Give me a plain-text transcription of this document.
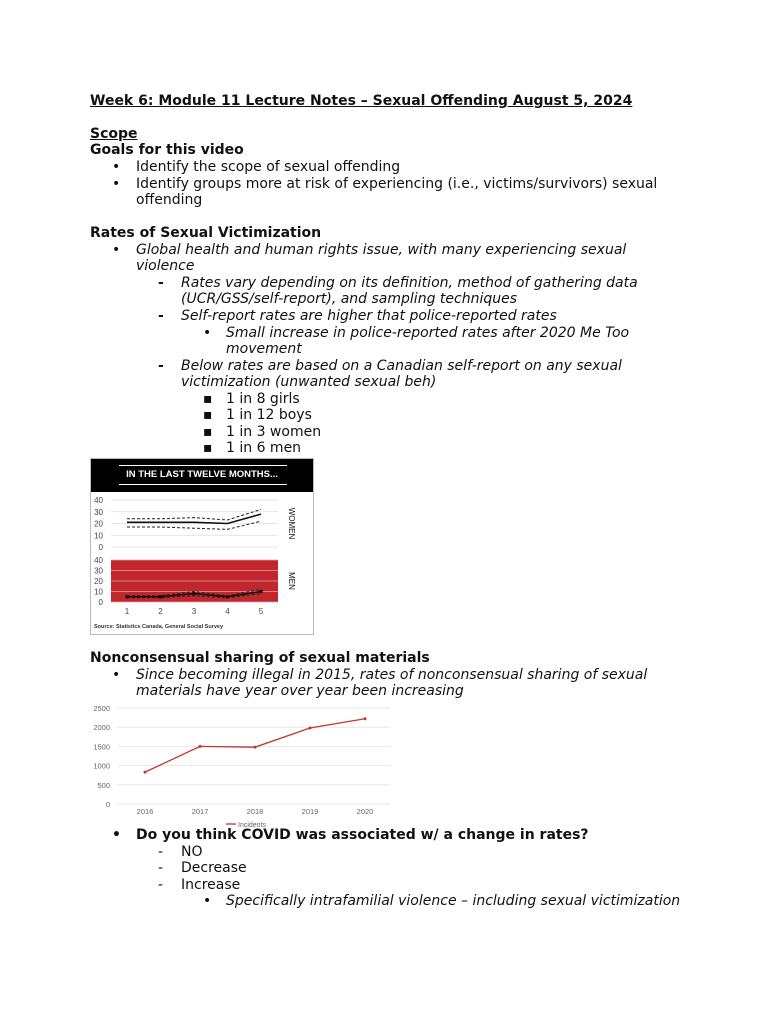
Week 6: Module 11 Lecture Notes – Sexual Offending August 5, 2024
Scope
Goals for this video
• Identify the scope of sexual offending
• Identify groups more at risk of experiencing (i.e., victims/survivors) sexual
offending
Rates of Sexual Victimization
• Global health and human rights issue, with many experiencing sexual
violence
- Rates vary depending on its definition, method of gathering data
(UCR/GSS/self-report), and sampling techniques
- Self-report rates are higher that police-reported rates
• Small increase in police-reported rates after 2020 Me Too
movement
- Below rates are based on a Canadian self-report on any sexual
victimization (unwanted sexual beh)
▪ 1 in 8 girls
▪ 1 in 12 boys
▪ 1 in 3 women
▪ 1 in 6 men
IN THE LAST TWELVE MONTHS...
40
30
20
10
0
WOMEN
40
30
20
10
0
MEN
1	2	3	4	5
Source: Statistics Canada, General Social Survey
Nonconsensual sharing of sexual materials
• Since becoming illegal in 2015, rates of nonconsensual sharing of sexual
materials have year over year been increasing
2500
2000
1500
1000
500
0
2016	2017	2018	2019	2020
Incidents
• Do you think COVID was associated w/ a change in rates?
- NO
- Decrease
- Increase
• Specifically intrafamilial violence – including sexual victimization
